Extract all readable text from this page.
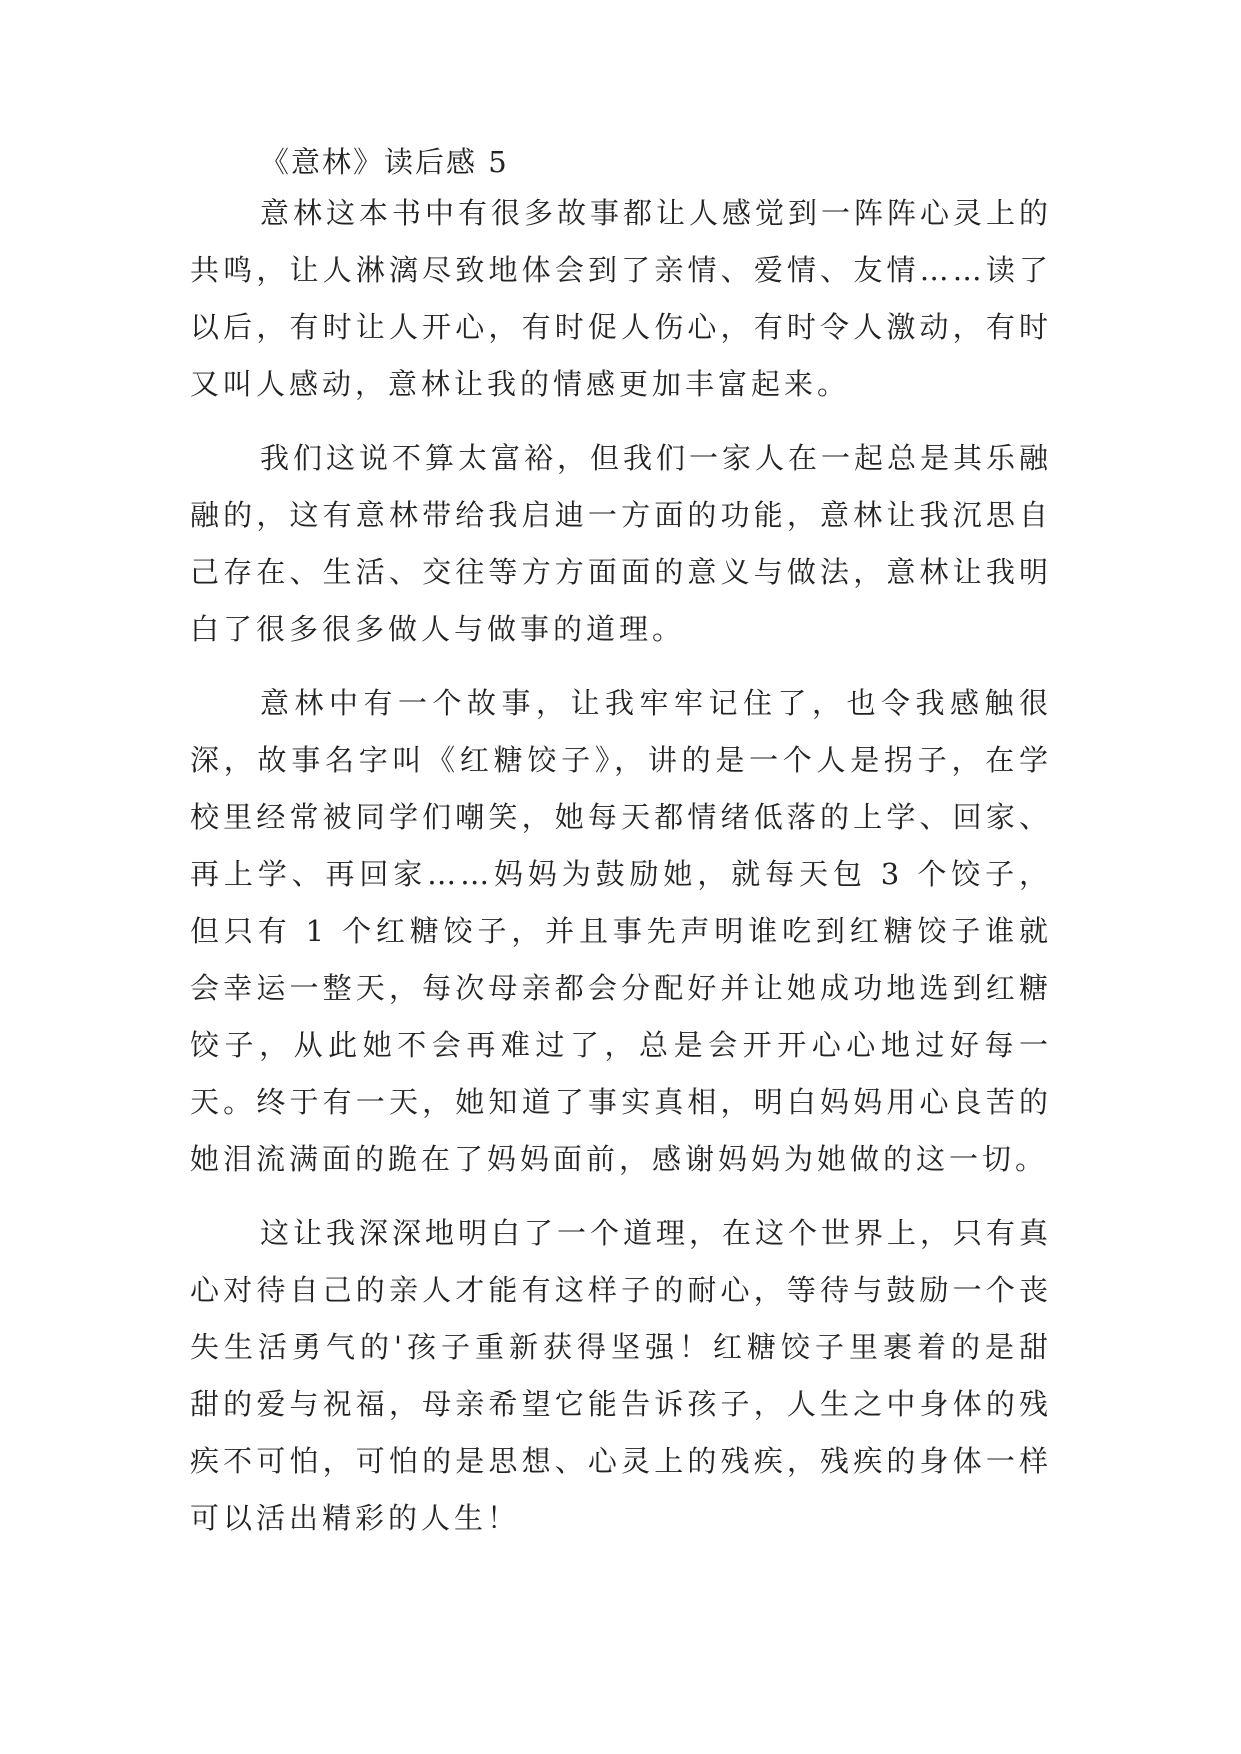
《意林》读后感 5

意林这本书中有很多故事都让人感觉到一阵阵心灵上的共鸣，让人淋漓尽致地体会到了亲情、爱情、友情……读了以后，有时让人开心，有时促人伤心，有时令人激动，有时又叫人感动，意林让我的情感更加丰富起来。

我们这说不算太富裕，但我们一家人在一起总是其乐融融的，这有意林带给我启迪一方面的功能，意林让我沉思自己存在、生活、交往等方方面面的意义与做法，意林让我明白了很多很多做人与做事的道理。

意林中有一个故事，让我牢牢记住了，也令我感触很深，故事名字叫《红糖饺子》，讲的是一个人是拐子，在学校里经常被同学们嘲笑，她每天都情绪低落的上学、回家、再上学、再回家……妈妈为鼓励她，就每天包 3 个饺子，但只有 1 个红糖饺子，并且事先声明谁吃到红糖饺子谁就会幸运一整天，每次母亲都会分配好并让她成功地选到红糖饺子，从此她不会再难过了，总是会开开心心地过好每一天。终于有一天，她知道了事实真相，明白妈妈用心良苦的她泪流满面的跪在了妈妈面前，感谢妈妈为她做的这一切。

这让我深深地明白了一个道理，在这个世界上，只有真心对待自己的亲人才能有这样子的耐心，等待与鼓励一个丧失生活勇气的'孩子重新获得坚强！红糖饺子里裹着的是甜甜的爱与祝福，母亲希望它能告诉孩子，人生之中身体的残疾不可怕，可怕的是思想、心灵上的残疾，残疾的身体一样可以活出精彩的人生！
